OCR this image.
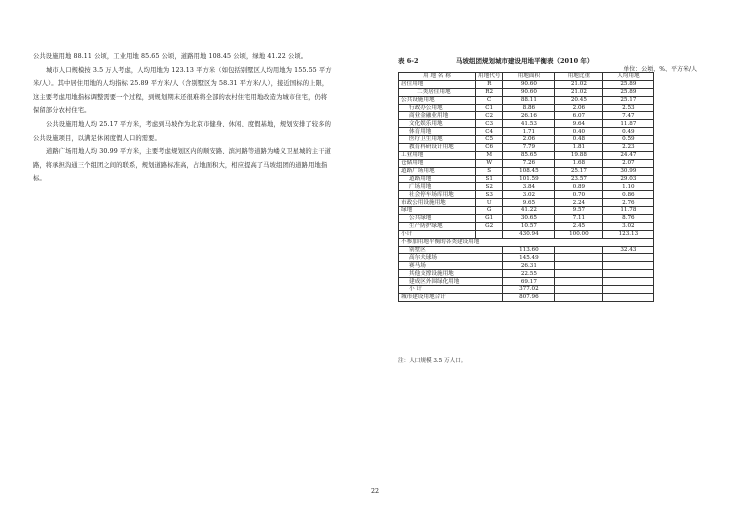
公共设施用地 88.11 公顷，工业用地 85.65 公顷，道路用地 108.45 公顷，绿地 41.22 公顷。

城市人口规模按 3.5 万人考虑，人均用地为 123.13 平方米（如包括别墅区人均用地为 155.55 平方米/人）。其中居住用地的人均指标 25.89 平方米/人（含别墅区为 58.31 平方米/人），接近国标的上限，这主要考虑用地指标调整需要一个过程，到规划期末还很难将全部的农村住宅用地改造为城市住宅，仍将保留部分农村住宅。

公共设施用地人均 25.17 平方米，考虑到马坡作为北京市健身、休闲、度假基地，规划安排了较多的公共设施项目，以满足休闲度假人口的需要。

道路广场用地人均 30.99 平方米，主要考虑规划区内的顺安路、滨河路等道路为嵝义卫星城的主干道路，将承担沟通三个组团之间的联系，规划道路标准高，占地面积大，相应提高了马坡组团的道路用地指标。

表 6-2	马坡组团规划城市建设用地平衡表（2010 年）
单位：公顷、%、平方米/人
用 地 名 称	用地代号	用地面积	用地比重	人均用地
居住用地	R	90.60	21.02	25.89
二类居住用地	R2	90.60	21.02	25.89
公共设施用地	C	88.11	20.45	25.17
行政办公用地	C1	8.86	2.06	2.53
商业金融业用地	C2	26.16	6.07	7.47
文化娱乐用地	C3	41.53	9.64	11.87
体育用地	C4	1.71	0.40	0.49
医疗卫生用地	C5	2.06	0.48	0.59
教育科研设计用地	C6	7.79	1.81	2.23
工业用地	M	85.65	19.88	24.47
仓储用地	W	7.26	1.68	2.07
道路广场用地	S	108.45	25.17	30.99
道路用地	S1	101.59	23.57	29.03
广场用地	S2	3.84	0.89	1.10
社会停车场库用地	S3	3.02	0.70	0.86
市政公用设施用地	U	9.65	2.24	2.76
绿地	G	41.22	9.57	11.78
公共绿地	G1	30.65	7.11	8.76
生产防护绿地	G2	10.57	2.45	3.02
小计		430.94	100.00	123.13
不参加用地平衡的各类建设用地				
别墅区		113.60		32.43
高尔夫球场		145.49		
赛马场		26.31		
其他支撑设施用地		22.55		
建成区外围绿化用地		69.17		
小 计		377.02		
城市建设用地合计		807.96		
注：人口规模 3.5 万人口。
22
